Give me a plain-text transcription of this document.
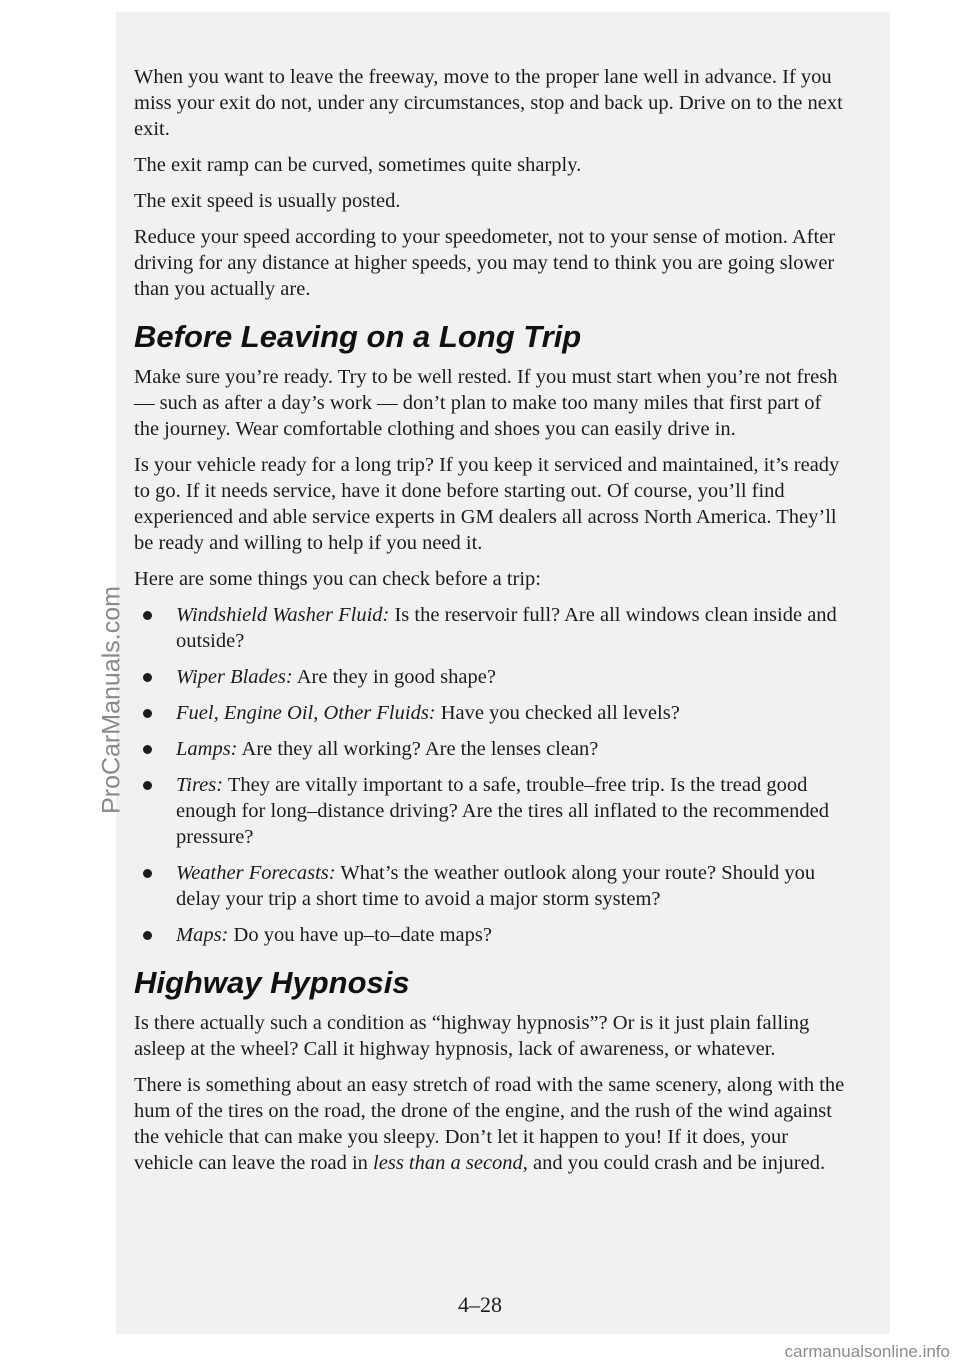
When you want to leave the freeway, move to the proper lane well in advance. If you miss your exit do not, under any circumstances, stop and back up. Drive on to the next exit.

The exit ramp can be curved, sometimes quite sharply.

The exit speed is usually posted.

Reduce your speed according to your speedometer, not to your sense of motion. After driving for any distance at higher speeds, you may tend to think you are going slower than you actually are.

Before Leaving on a Long Trip

Make sure you’re ready. Try to be well rested. If you must start when you’re not fresh — such as after a day’s work — don’t plan to make too many miles that first part of the journey. Wear comfortable clothing and shoes you can easily drive in.

Is your vehicle ready for a long trip? If you keep it serviced and maintained, it’s ready to go. If it needs service, have it done before starting out. Of course, you’ll find experienced and able service experts in GM dealers all across North America. They’ll be ready and willing to help if you need it.

Here are some things you can check before a trip:

Windshield Washer Fluid: Is the reservoir full? Are all windows clean inside and outside?
Wiper Blades: Are they in good shape?
Fuel, Engine Oil, Other Fluids: Have you checked all levels?
Lamps: Are they all working? Are the lenses clean?
Tires: They are vitally important to a safe, trouble–free trip. Is the tread good enough for long–distance driving? Are the tires all inflated to the recommended pressure?
Weather Forecasts: What’s the weather outlook along your route? Should you delay your trip a short time to avoid a major storm system?
Maps: Do you have up–to–date maps?
Highway Hypnosis

Is there actually such a condition as “highway hypnosis”? Or is it just plain falling asleep at the wheel? Call it highway hypnosis, lack of awareness, or whatever.

There is something about an easy stretch of road with the same scenery, along with the hum of the tires on the road, the drone of the engine, and the rush of the wind against the vehicle that can make you sleepy. Don’t let it happen to you! If it does, your vehicle can leave the road in less than a second, and you could crash and be injured.

4–28
ProCarManuals.com
carmanualsonline.info
